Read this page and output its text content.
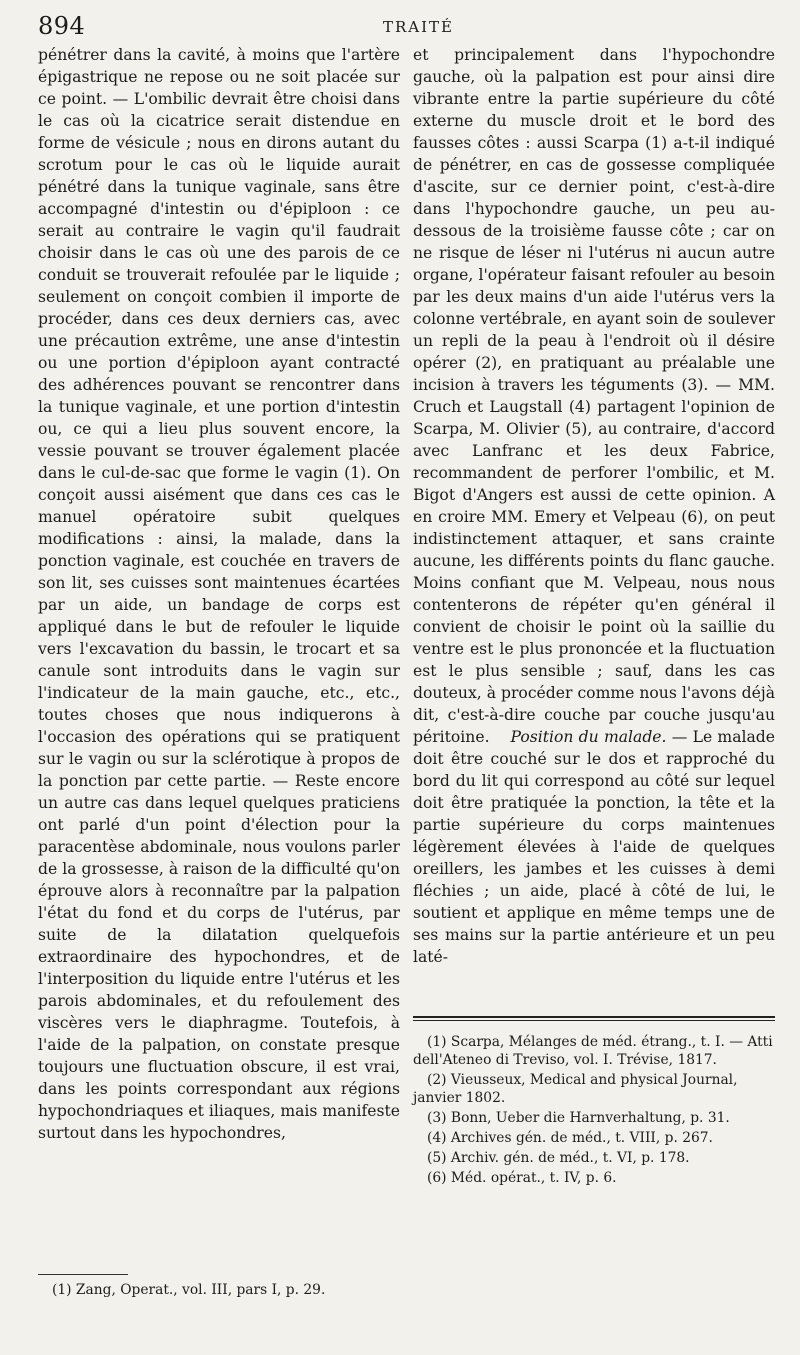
894	TRAITÉ

pénétrer dans la cavité, à moins que l'artère épigastrique ne repose ou ne soit placée sur ce point. — L'ombilic devrait être choisi dans le cas où la cicatrice serait distendue en forme de vésicule ; nous en dirons autant du scrotum pour le cas où le liquide aurait pénétré dans la tunique vaginale, sans être accompagné d'intestin ou d'épiploon : ce serait au contraire le vagin qu'il faudrait choisir dans le cas où une des parois de ce conduit se trouverait refoulée par le liquide ; seulement on conçoit combien il importe de procéder, dans ces deux derniers cas, avec une précaution extrême, une anse d'intestin ou une portion d'épiploon ayant contracté des adhérences pouvant se rencontrer dans la tunique vaginale, et une portion d'intestin ou, ce qui a lieu plus souvent encore, la vessie pouvant se trouver également placée dans le cul-de-sac que forme le vagin (1). On conçoit aussi aisément que dans ces cas le manuel opératoire subit quelques modifications : ainsi, la malade, dans la ponction vaginale, est couchée en travers de son lit, ses cuisses sont maintenues écartées par un aide, un bandage de corps est appliqué dans le but de refouler le liquide vers l'excavation du bassin, le trocart et sa canule sont introduits dans le vagin sur l'indicateur de la main gauche, etc., etc., toutes choses que nous indiquerons à l'occasion des opérations qui se pratiquent sur le vagin ou sur la sclérotique à propos de la ponction par cette partie. — Reste encore un autre cas dans lequel quelques praticiens ont parlé d'un point d'élection pour la paracentèse abdominale, nous voulons parler de la grossesse, à raison de la difficulté qu'on éprouve alors à reconnaître par la palpation l'état du fond et du corps de l'utérus, par suite de la dilatation quelquefois extraordinaire des hypochondres, et de l'interposition du liquide entre l'utérus et les parois abdominales, et du refoulement des viscères vers le diaphragme. Toutefois, à l'aide de la palpation, on constate presque toujours une fluctuation obscure, il est vrai, dans les points correspondant aux régions hypochondriaques et iliaques, mais manifeste surtout dans les hypochondres,

(1) Zang, Operat., vol. III, pars I, p. 29.

et principalement dans l'hypochondre gauche, où la palpation est pour ainsi dire vibrante entre la partie supérieure du côté externe du muscle droit et le bord des fausses côtes : aussi Scarpa (1) a-t-il indiqué de pénétrer, en cas de gossesse compliquée d'ascite, sur ce dernier point, c'est-à-dire dans l'hypochondre gauche, un peu au-dessous de la troisième fausse côte ; car on ne risque de léser ni l'utérus ni aucun autre organe, l'opérateur faisant refouler au besoin par les deux mains d'un aide l'utérus vers la colonne vertébrale, en ayant soin de soulever un repli de la peau à l'endroit où il désire opérer (2), en pratiquant au préalable une incision à travers les téguments (3). — MM. Cruch et Laugstall (4) partagent l'opinion de Scarpa, M. Olivier (5), au contraire, d'accord avec Lanfranc et les deux Fabrice, recommandent de perforer l'ombilic, et M. Bigot d'Angers est aussi de cette opinion. A en croire MM. Emery et Velpeau (6), on peut indistinctement attaquer, et sans crainte aucune, les différents points du flanc gauche. Moins confiant que M. Velpeau, nous nous contenterons de répéter qu'en général il convient de choisir le point où la saillie du ventre est le plus prononcée et la fluctuation est le plus sensible ; sauf, dans les cas douteux, à procéder comme nous l'avons déjà dit, c'est-à-dire couche par couche jusqu'au péritoine. Position du malade. — Le malade doit être couché sur le dos et rapproché du bord du lit qui correspond au côté sur lequel doit être pratiquée la ponction, la tête et la partie supérieure du corps maintenues légèrement élevées à l'aide de quelques oreillers, les jambes et les cuisses à demi fléchies ; un aide, placé à côté de lui, le soutient et applique en même temps une de ses mains sur la partie antérieure et un peu laté-

(1) Scarpa, Mélanges de méd. étrang., t. I. — Atti dell'Ateneo di Treviso, vol. I. Trévise, 1817.

(2) Vieusseux, Medical and physical Journal, janvier 1802.

(3) Bonn, Ueber die Harnverhaltung, p. 31.

(4) Archives gén. de méd., t. VIII, p. 267.

(5) Archiv. gén. de méd., t. VI, p. 178.

(6) Méd. opérat., t. IV, p. 6.
